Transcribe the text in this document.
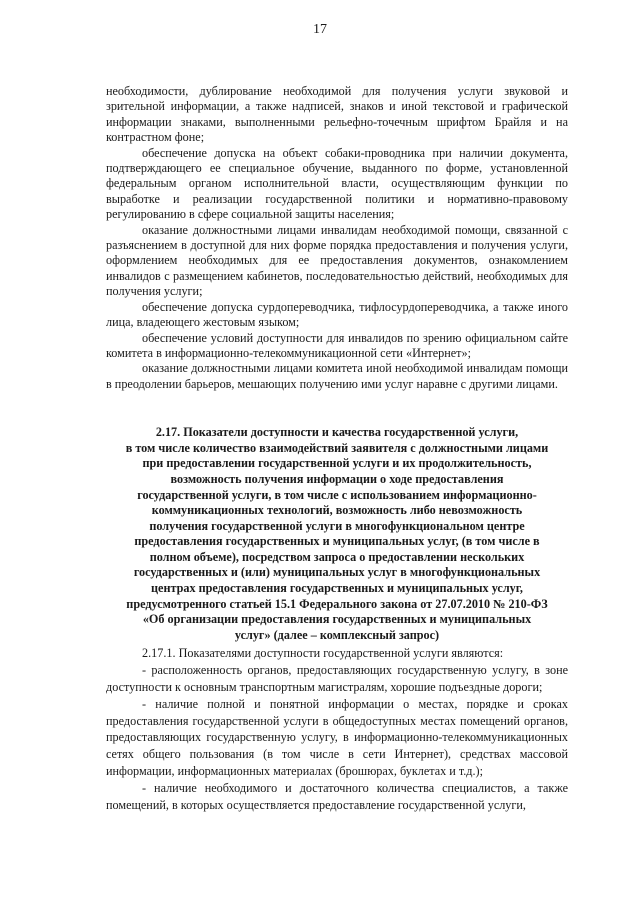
17

необходимости, дублирование необходимой для получения услуги звуковой и зрительной информации, а также надписей, знаков и иной текстовой и графической информации знаками, выполненными рельефно-точечным шрифтом Брайля и на контрастном фоне;

обеспечение допуска на объект собаки-проводника при наличии документа, подтверждающего ее специальное обучение, выданного по форме, установленной федеральным органом исполнительной власти, осуществляющим функции по выработке и реализации государственной политики и нормативно-правовому регулированию в сфере социальной защиты населения;

оказание должностными лицами инвалидам необходимой помощи, связанной с разъяснением в доступной для них форме порядка предоставления и получения услуги, оформлением необходимых для ее предоставления документов, ознакомлением инвалидов с размещением кабинетов, последовательностью действий, необходимых для получения услуги;

обеспечение допуска сурдопереводчика, тифлосурдопереводчика, а также иного лица, владеющего жестовым языком;

обеспечение условий доступности для инвалидов по зрению официальном сайте комитета в информационно-телекоммуникационной сети «Интернет»;

оказание должностными лицами комитета иной необходимой инвалидам помощи в преодолении барьеров, мешающих получению ими услуг наравне с другими лицами.

2.17. Показатели доступности и качества государственной услуги,
в том числе количество взаимодействий заявителя с должностными лицами
при предоставлении государственной услуги и их продолжительность,
возможность получения информации о ходе предоставления
государственной услуги, в том числе с использованием информационно-
коммуникационных технологий, возможность либо невозможность
получения государственной услуги в многофункциональном центре
предоставления государственных и муниципальных услуг, (в том числе в
полном объеме), посредством запроса о предоставлении нескольких
государственных и (или) муниципальных услуг в многофункциональных
центрах предоставления государственных и муниципальных услуг,
предусмотренного статьей 15.1 Федерального закона от 27.07.2010 № 210-ФЗ
«Об организации предоставления государственных и муниципальных
услуг» (далее – комплексный запрос)

2.17.1. Показателями доступности государственной услуги являются:

- расположенность органов, предоставляющих государственную услугу, в зоне доступности к основным транспортным магистралям, хорошие подъездные дороги;

- наличие полной и понятной информации о местах, порядке и сроках предоставления государственной услуги в общедоступных местах помещений органов, предоставляющих государственную услугу, в информационно-телекоммуникационных сетях общего пользования (в том числе в сети Интернет), средствах массовой информации, информационных материалах (брошюрах, буклетах и т.д.);

- наличие необходимого и достаточного количества специалистов, а также помещений, в которых осуществляется предоставление государственной услуги,
